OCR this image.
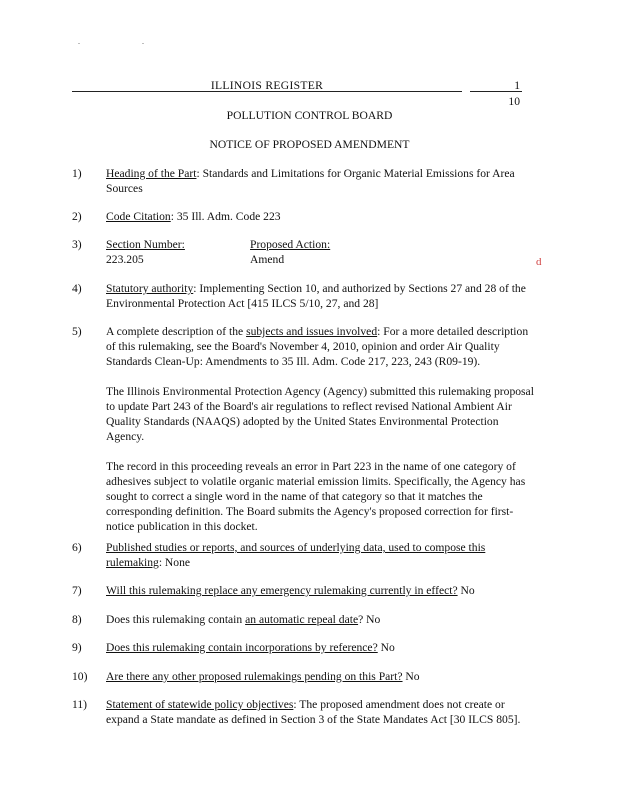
. .
ILLINOIS REGISTER	1
10
POLLUTION CONTROL BOARD
NOTICE OF PROPOSED AMENDMENT
d
1)	Heading of the Part: Standards and Limitations for Organic Material Emissions for Area Sources
2)	Code Citation: 35 Ill. Adm. Code 223
3)	Section Number:	Proposed Action:
223.205	Amend
4)	Statutory authority: Implementing Section 10, and authorized by Sections 27 and 28 of the Environmental Protection Act [415 ILCS 5/10, 27, and 28]
5)	A complete description of the subjects and issues involved: For a more detailed description of this rulemaking, see the Board's November 4, 2010, opinion and order Air Quality Standards Clean-Up: Amendments to 35 Ill. Adm. Code 217, 223, 243 (R09-19).

The Illinois Environmental Protection Agency (Agency) submitted this rulemaking proposal to update Part 243 of the Board's air regulations to reflect revised National Ambient Air Quality Standards (NAAQS) adopted by the United States Environmental Protection Agency.

The record in this proceeding reveals an error in Part 223 in the name of one category of adhesives subject to volatile organic material emission limits. Specifically, the Agency has sought to correct a single word in the name of that category so that it matches the corresponding definition. The Board submits the Agency's proposed correction for first-notice publication in this docket.

6)	Published studies or reports, and sources of underlying data, used to compose this rulemaking: None
7)	Will this rulemaking replace any emergency rulemaking currently in effect? No
8)	Does this rulemaking contain an automatic repeal date? No
9)	Does this rulemaking contain incorporations by reference? No
10)	Are there any other proposed rulemakings pending on this Part? No
11)	Statement of statewide policy objectives: The proposed amendment does not create or expand a State mandate as defined in Section 3 of the State Mandates Act [30 ILCS 805].
